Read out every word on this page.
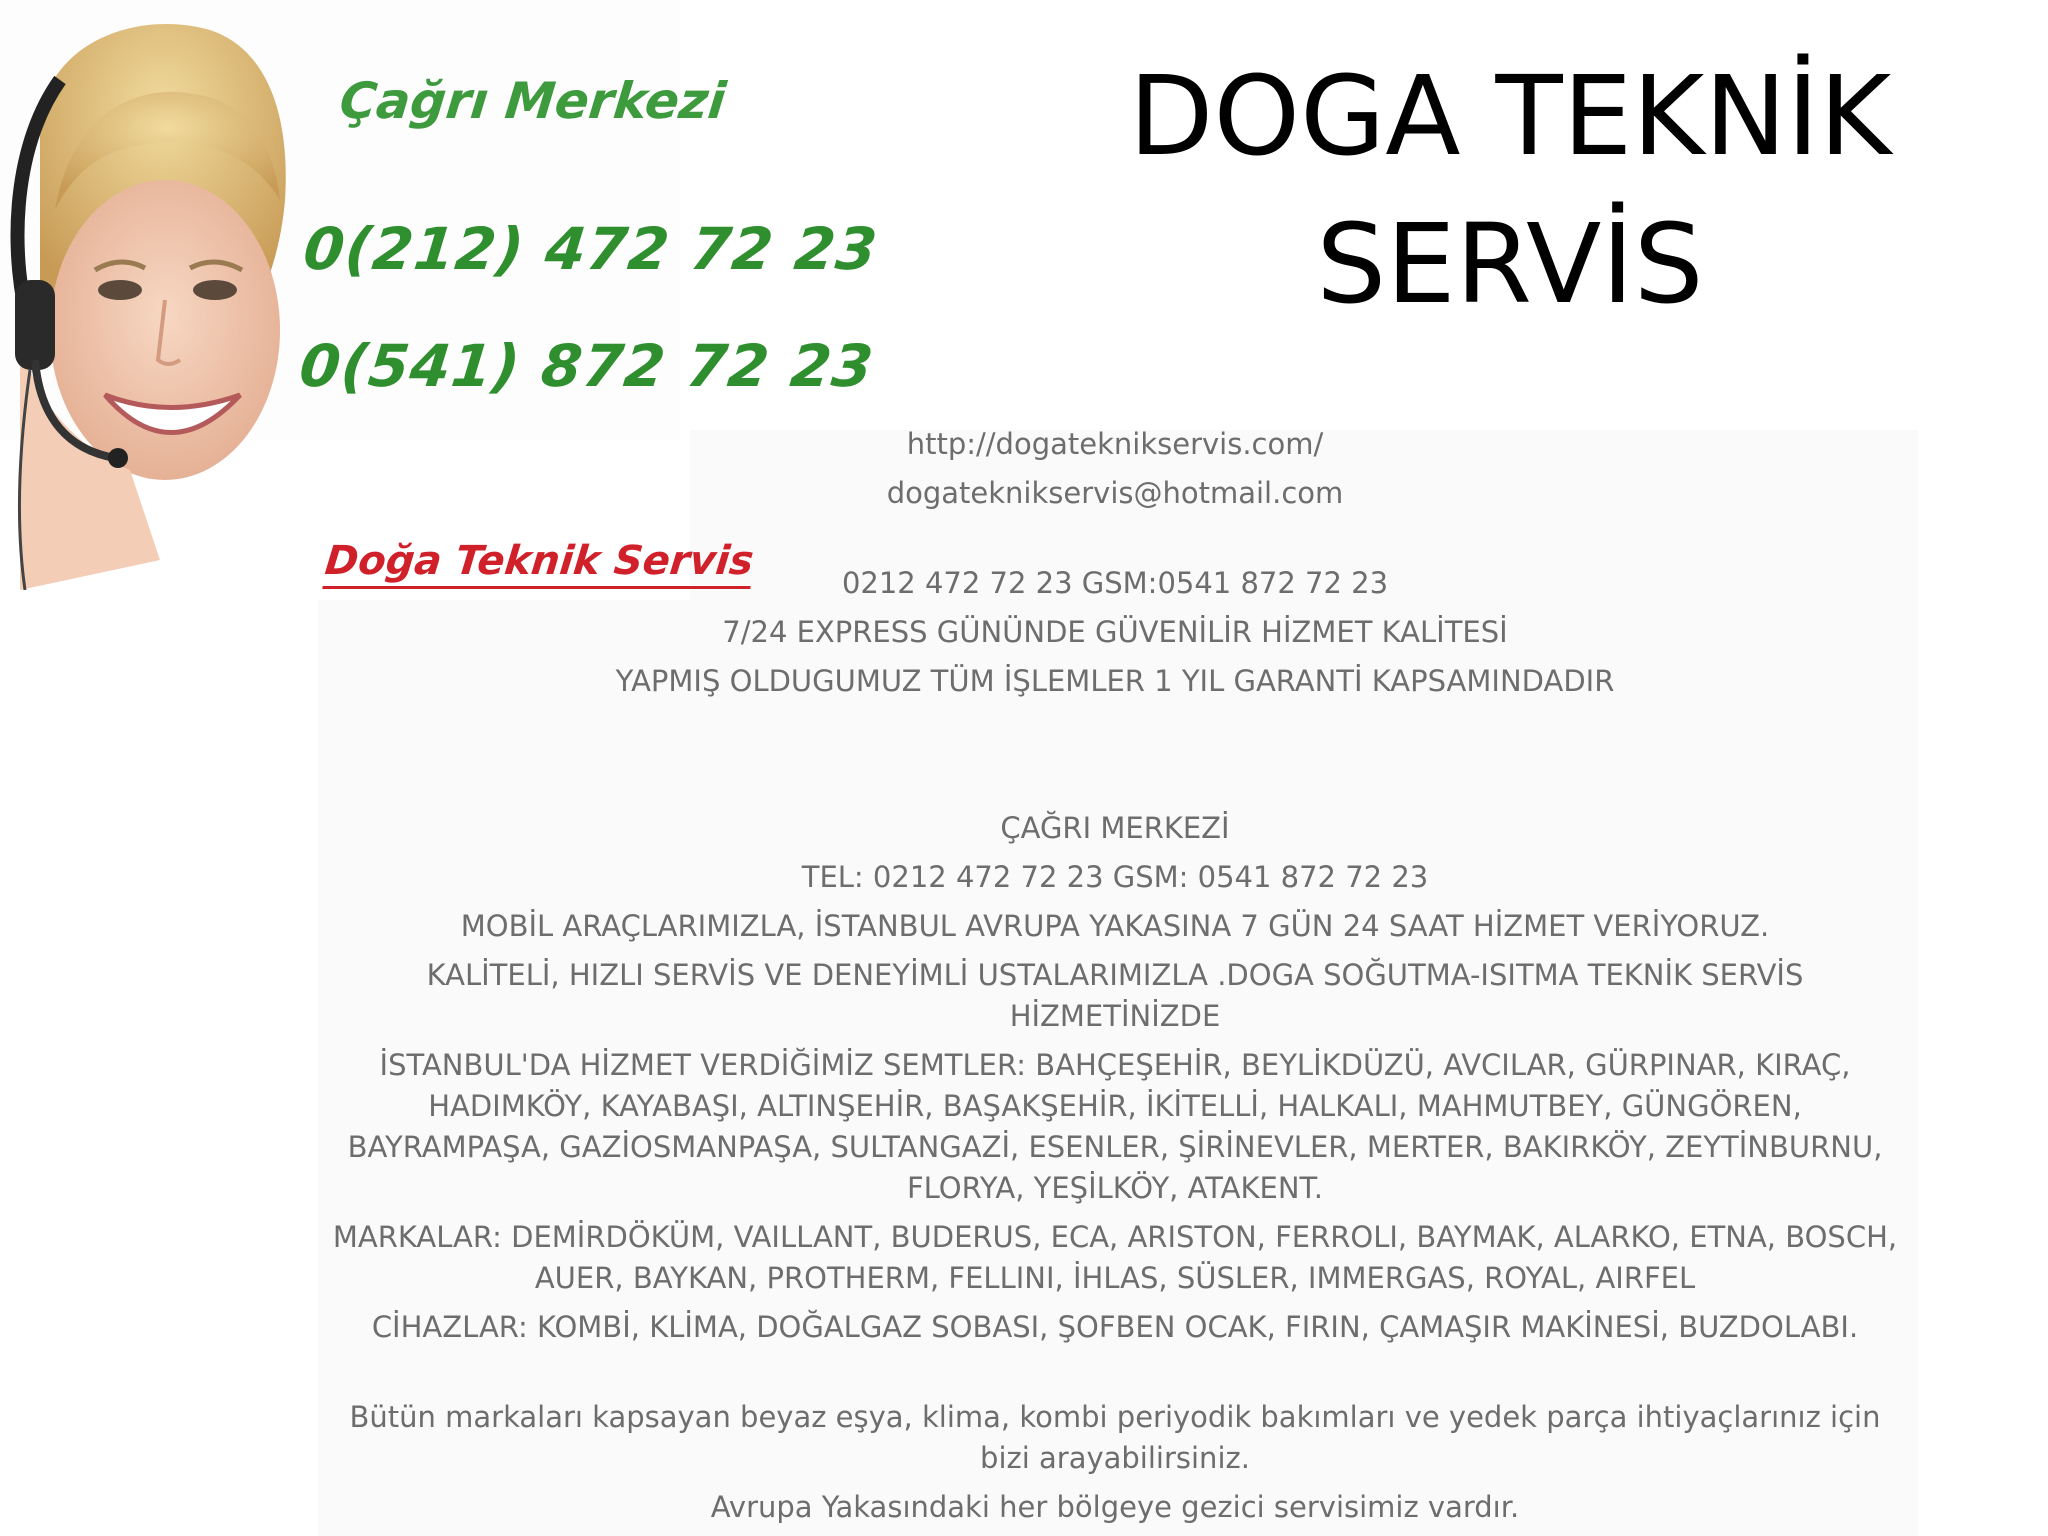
Çağrı Merkezi
0(212) 472 72 23
0(541) 872 72 23
Doğa Teknik Servis
DOGA TEKNİK
SERVİS

http://dogateknikservis.com/

dogateknikservis@hotmail.com

0212 472 72 23 GSM:0541 872 72 23

7/24 EXPRESS GÜNÜNDE GÜVENİLİR HİZMET KALİTESİ

YAPMIŞ OLDUGUMUZ TÜM İŞLEMLER 1 YIL GARANTİ KAPSAMINDADIR

ÇAĞRI MERKEZİ

TEL: 0212 472 72 23 GSM: 0541 872 72 23

MOBİL ARAÇLARIMIZLA, İSTANBUL AVRUPA YAKASINA 7 GÜN 24 SAAT HİZMET VERİYORUZ.

KALİTELİ, HIZLI SERVİS VE DENEYİMLİ USTALARIMIZLA .DOGA SOĞUTMA-ISITMA TEKNİK SERVİS HİZMETİNİZDE

İSTANBUL'DA HİZMET VERDİĞİMİZ SEMTLER: BAHÇEŞEHİR, BEYLİKDÜZÜ, AVCILAR, GÜRPINAR, KIRAÇ, HADIMKÖY, KAYABAŞI, ALTINŞEHİR, BAŞAKŞEHİR, İKİTELLİ, HALKALI, MAHMUTBEY, GÜNGÖREN, BAYRAMPAŞA, GAZİOSMANPAŞA, SULTANGAZİ, ESENLER, ŞİRİNEVLER, MERTER, BAKIRKÖY, ZEYTİNBURNU, FLORYA, YEŞİLKÖY, ATAKENT.

MARKALAR: DEMİRDÖKÜM, VAILLANT, BUDERUS, ECA, ARISTON, FERROLI, BAYMAK, ALARKO, ETNA, BOSCH, AUER, BAYKAN, PROTHERM, FELLINI, İHLAS, SÜSLER, IMMERGAS, ROYAL, AIRFEL

CİHAZLAR: KOMBİ, KLİMA, DOĞALGAZ SOBASI, ŞOFBEN OCAK, FIRIN, ÇAMAŞIR MAKİNESİ, BUZDOLABI.

Bütün markaları kapsayan beyaz eşya, klima, kombi periyodik bakımları ve yedek parça ihtiyaçlarınız için bizi arayabilirsiniz.

Avrupa Yakasındaki her bölgeye gezici servisimiz vardır.
